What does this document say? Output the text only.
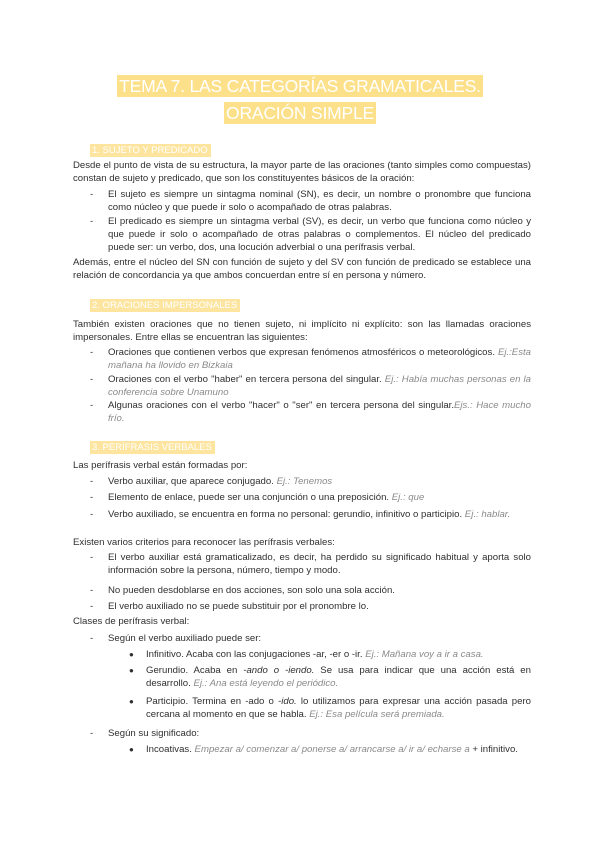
TEMA 7. LAS CATEGORÍAS GRAMATICALES.
ORACIÓN SIMPLE
1. SUJETO Y PREDICADO
Desde el punto de vista de su estructura, la mayor parte de las oraciones (tanto simples como compuestas) constan de sujeto y predicado, que son los constituyentes básicos de la oración:
- El sujeto es siempre un sintagma nominal (SN), es decir, un nombre o pronombre que funciona como núcleo y que puede ir solo o acompañado de otras palabras.
- El predicado es siempre un sintagma verbal (SV), es decir, un verbo que funciona como núcleo y que puede ir solo o acompañado de otras palabras o complementos. El núcleo del predicado puede ser: un verbo, dos, una locución adverbial o una perífrasis verbal.
Además, entre el núcleo del SN con función de sujeto y del SV con función de predicado se establece una relación de concordancia ya que ambos concuerdan entre sí en persona y número.
2. ORACIONES IMPERSONALES
También existen oraciones que no tienen sujeto, ni implícito ni explícito: son las llamadas oraciones impersonales. Entre ellas se encuentran las siguientes:
- Oraciones que contienen verbos que expresan fenómenos atmosféricos o meteorológicos. Ej.:Esta mañana ha llovido en Bizkaia
- Oraciones con el verbo "haber" en tercera persona del singular. Ej.: Había muchas personas en la conferencia sobre Unamuno
- Algunas oraciones con el verbo "hacer" o "ser" en tercera persona del singular.Ejs.: Hace mucho frío.
3. PERÍFRASIS VERBALES
Las perífrasis verbal están formadas por:
- Verbo auxiliar, que aparece conjugado. Ej.: Tenemos
- Elemento de enlace, puede ser una conjunción o una preposición. Ej.: que
- Verbo auxiliado, se encuentra en forma no personal: gerundio, infinitivo o participio. Ej.: hablar.
Existen varios criterios para reconocer las perífrasis verbales:
- El verbo auxiliar está gramaticalizado, es decir, ha perdido su significado habitual y aporta solo información sobre la persona, número, tiempo y modo.
- No pueden desdoblarse en dos acciones, son solo una sola acción.
- El verbo auxiliado no se puede substituir por el pronombre lo.
Clases de perífrasis verbal:
- Según el verbo auxiliado puede ser:
● Infinitivo. Acaba con las conjugaciones -ar, -er o -ir. Ej.: Mañana voy a ir a casa.
● Gerundio. Acaba en -ando o -iendo. Se usa para indicar que una acción está en desarrollo. Ej.: Ana está leyendo el periódico.
● Participio. Termina en -ado o -ido. lo utilizamos para expresar una acción pasada pero cercana al momento en que se habla. Ej.: Esa película será premiada.
- Según su significado:
● Incoativas. Empezar a/ comenzar a/ ponerse a/ arrancarse a/ ir a/ echarse a + infinitivo.
